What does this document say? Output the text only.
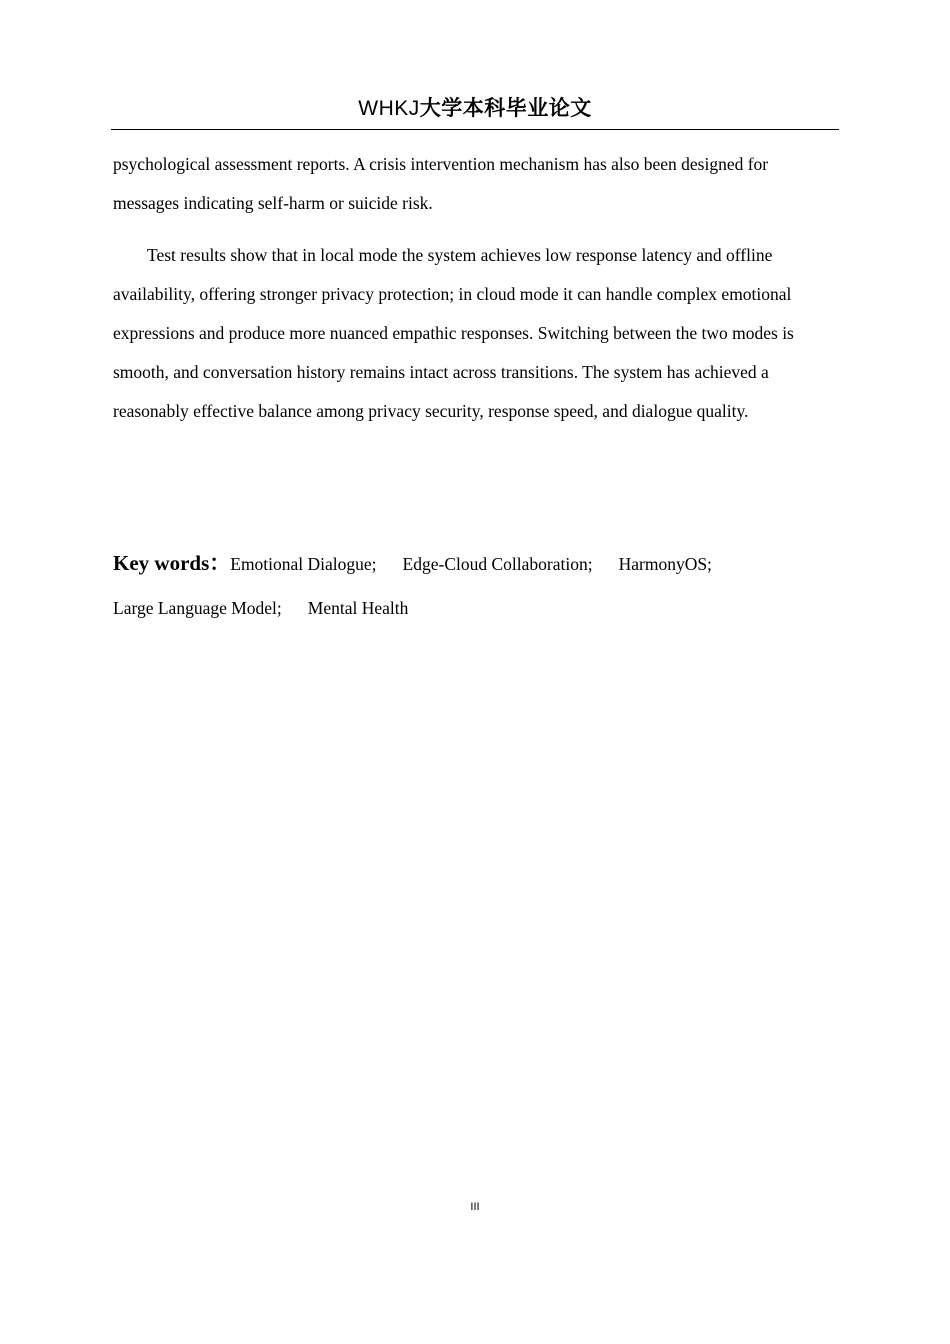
WHKJ大学本科毕业论文
psychological assessment reports. A crisis intervention mechanism has also been designed for messages indicating self-harm or suicide risk.
Test results show that in local mode the system achieves low response latency and offline availability, offering stronger privacy protection; in cloud mode it can handle complex emotional expressions and produce more nuanced empathic responses. Switching between the two modes is smooth, and conversation history remains intact across transitions. The system has achieved a reasonably effective balance among privacy security, response speed, and dialogue quality.
Key words：Emotional Dialogue; Edge-Cloud Collaboration; HarmonyOS;
Large Language Model; Mental Health
III
